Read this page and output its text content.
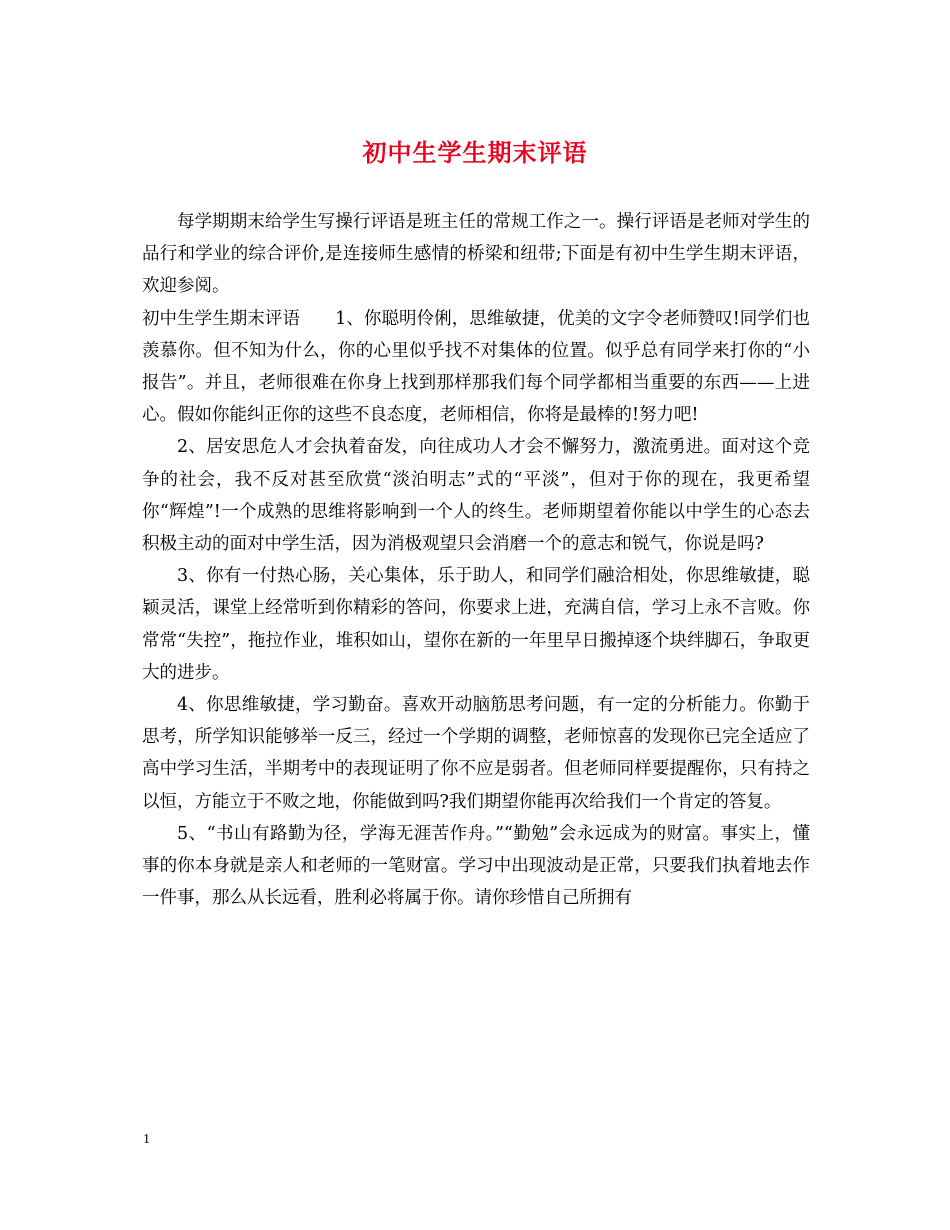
初中生学生期末评语

每学期期末给学生写操行评语是班主任的常规工作之一。操行评语是老师对学生的品行和学业的综合评价,是连接师生感情的桥梁和纽带;下面是有初中生学生期末评语，欢迎参阅。

初中生学生期末评语　　1、你聪明伶俐，思维敏捷，优美的文字令老师赞叹!同学们也羡慕你。但不知为什么，你的心里似乎找不对集体的位置。似乎总有同学来打你的“小报告”。并且，老师很难在你身上找到那样那我们每个同学都相当重要的东西——上进心。假如你能纠正你的这些不良态度，老师相信，你将是最棒的!努力吧!

2、居安思危人才会执着奋发，向往成功人才会不懈努力，激流勇进。面对这个竞争的社会，我不反对甚至欣赏“淡泊明志”式的“平淡”，但对于你的现在，我更希望你“辉煌”!一个成熟的思维将影响到一个人的终生。老师期望着你能以中学生的心态去积极主动的面对中学生活，因为消极观望只会消磨一个的意志和锐气，你说是吗?

3、你有一付热心肠，关心集体，乐于助人，和同学们融洽相处，你思维敏捷，聪颖灵活，课堂上经常听到你精彩的答问，你要求上进，充满自信，学习上永不言败。你常常“失控”，拖拉作业，堆积如山，望你在新的一年里早日搬掉逐个块绊脚石，争取更大的进步。

4、你思维敏捷，学习勤奋。喜欢开动脑筋思考问题，有一定的分析能力。你勤于思考，所学知识能够举一反三，经过一个学期的调整，老师惊喜的发现你已完全适应了高中学习生活，半期考中的表现证明了你不应是弱者。但老师同样要提醒你，只有持之以恒，方能立于不败之地，你能做到吗?我们期望你能再次给我们一个肯定的答复。

5、“书山有路勤为径，学海无涯苦作舟。”“勤勉”会永远成为的财富。事实上，懂事的你本身就是亲人和老师的一笔财富。学习中出现波动是正常，只要我们执着地去作一件事，那么从长远看，胜利必将属于你。请你珍惜自己所拥有

1
